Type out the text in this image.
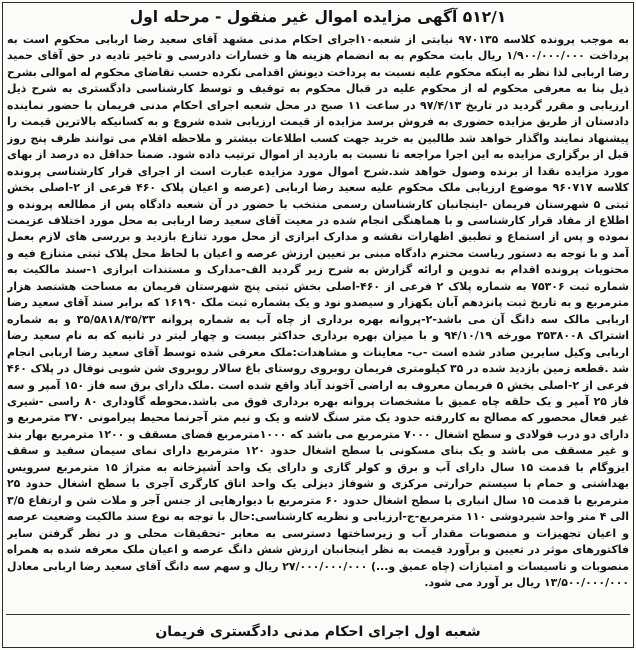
۵۱۲/۱ آگهی مزایده اموال غیر منقول - مرحله اول

به موجب پرونده کلاسه ۹۷۰۱۳۵ نیابتی از شعبه۱۰اجرای احکام مدنی مشهد آقای سعید رضا اربابی محکوم است به پرداخت ۱/۹۰۰/۰۰۰/۰۰۰ ریال بابت محکوم به به انضمام هزینه ها و خسارات دادرسی و تاخیر تادیه در حق آقای حمید رضا اربابی لذا نظر به اینکه محکوم علیه نسبت به پرداخت دیونش اقدامی نکرده حسب تقاضای محکوم له اموالی بشرح ذیل بنا به معرفی محکوم له از محکوم علیه در قبال محکوم به توقیف و توسط کارشناسی دادگستری به شرح ذیل ارزیابی و مقرر گردید در تاریخ ۹۷/۴/۱۳ در ساعت ۱۱ صبح در محل شعبه اجرای احکام مدنی فریمان با حضور نماینده دادستان از طریق مزایده حضوری به فروش برسد مزایده از قیمت ارزیابی شده شروع و به کسانیکه بالاترین قیمت را پیشنهاد نمایند واگذار خواهد شد طالبین به خرید جهت کسب اطلاعات بیشتر و ملاحظه اقلام می توانند ظرف پنج روز قبل از برگزاری مزایده به این اجرا مراجعه تا نسبت به بازدید از اموال ترتیب داده شود. ضمنا حداقل ده درصد از بهای مورد مزایده نقدا از برنده وصول خواهد شد.شرح اموال مورد مزایده عبارت است از اجرای قرار کارشناسی پرونده کلاسه ۹۶۰۷۱۷ موضوع ارزیابی ملک محکوم علیه سعید رضا اربابی (عرصه و اعیان پلاک ۴۶۰ فرعی از ۲-اصلی بخش ثبتی ۵ شهرستان فریمان -اینجانبان کارشناسان رسمی منتخب با حضور در آن شعبه دادگاه پس از مطالعه پرونده و اطلاع از مفاد قرار کارشناسی و با هماهنگی انجام شده در معیت آقای سعید رضا اربابی به محل مورد اختلاف عزیمت نموده و پس از استماع و تطبیق اظهارات نقشه و مدارک ابرازی از محل مورد تنازع بازدید و بررسی های لازم بعمل آمد و با توجه به دستور ریاست محترم دادگاه مبنی بر تعیین ارزش عرصه و اعیان با لحاظ محل پلاک ثبتی متنازع فیه و محتویات پرونده اقدام به تدوین و ارائه گزارش به شرح زیر گردید الف-مدارک و مستندات ابرازی ۱-سند مالکیت به شماره ثبت ۷۵۳۰۶ به شماره پلاک ۲ فرعی از ۴۶۰-اصلی بخش ثبتی پنج شهرستان فریمان به مساحت هشتصد هزار مترمربع و به تاریخ ثبت پانزدهم آبان یکهزار و سیصدو نود و یک بشماره ثبت ملک ۱۶۱۹۰ که برابر سند آقای سعید رضا اربابی مالک سه دانگ آن می باشد-۲-پروانه بهره برداری از چاه آب به شماره پروانه ۳۵/۵۸۱۸/۳۵/۳۳ و به شماره اشتراک ۳۵۳۸۰۰۸ مورخه ۹۴/۱۰/۱۹ و با میزان بهره برداری حداکثر بیست و چهار لیتر در ثانیه که به نام سعید رضا اربابی وکیل سایرین صادر شده است -ب- معاینات و مشاهدات:ملک معرفی شده توسط آقای سعید رضا اربابی انجام شد .قطعه زمین بازدید شده در ۳۵ کیلومتری فریمان روبروی روستای باغ سالار روبروی شن شویی نوفال در پلاک ۴۶۰ فرعی از ۲-اصلی بخش ۵ فریمان معروف به اراضی آخوند آباد واقع شده است .ملک دارای برق سه فاز ۱۵۰ آمپر و سه فاز ۲۵ آمپر و یک حلقه چاه عمیق با مشخصات پروانه بهره برداری فوق می باشد.محوطه گاوداری ۸۰ راسی -شیری غیر فعال محصور که مصالح به کاررفته حدود یک متر سنگ لاشه و یک و نیم متر آجرنما محیط پیرامونی ۳۷۰ مترمربع و دارای دو درب فولادی و سطح اشغال ۷۰۰۰ مترمربع می باشد که ۱۰۰۰مترمربع فضای مسقف و ۱۲۰۰ مترمربع بهار بند و غیر مسقف می باشد و یک بنای مسکونی با سطح اشغال حدود ۱۲۰ مترمربع دارای نمای سیمان سفید و سقف ایزوگام با قدمت ۱۵ سال دارای آب و برق و کولر گازی و دارای یک واحد آشپزخانه به متراژ ۱۵ مترمربع سرویس بهداشتی و حمام با سیستم حرارتی مرکزی و شوفاژ دیزلی یک واحد اتاق کارگری آجری با سطح اشغال حدود ۲۵ مترمربع با قدمت ۱۵ سال انباری با سطح اشغال حدود ۶۰ مترمربع با دیوارهایی از جنس آجر و ملات شن و ارتفاع ۳/۵ الی ۴ متر واحد شیردوشی ۱۱۰ مترمربع-ج-ارزیابی و نظریه کارشناسی:حال با توجه به نوع سند مالکیت وضعیت عرصه و اعیان تجهیزات و منصوبات مقدار آب و زیرساختها دسترسی به معابر -تحقیقات محلی و در نظر گرفتن سایر فاکتورهای موثر در تعیین و برآورد قیمت به نظر اینجانبان ارزش شش دانگ عرصه و اعیان ملک معرفه شده به همراه منصوبات و تاسیسات و امتیازات (چاه عمیق و...) ۲۷/۰۰۰/۰۰۰/۰۰۰ ریال و سهم سه دانگ آقای سعید رضا اربابی معادل ۱۳/۵۰۰/۰۰۰/۰۰۰ ریال بر آورد می شود.

شعبه اول اجرای احکام مدنی دادگستری فریمان
